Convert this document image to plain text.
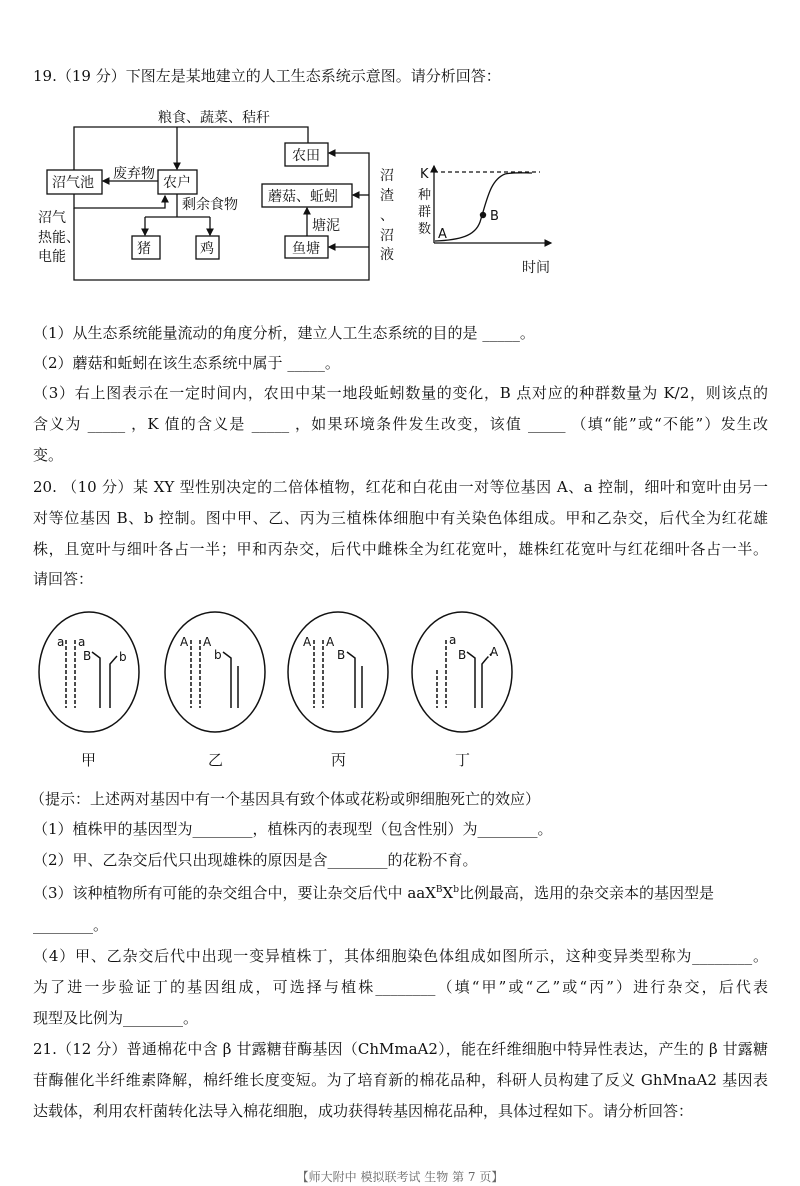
19.（19 分）下图左是某地建立的人工生态系统示意图。请分析回答：
粮食、蔬菜、秸秆
沼气池	农户
农田
废弃物
剩余食物
猪	鸡
蘑菇、蚯蚓
塘泥
鱼塘
沼
渣
、
沼
液
沼气
热能、
电能
K
种
群
数 A
B
时间
（1）从生态系统能量流动的角度分析，建立人工生态系统的目的是 _____。
（2）蘑菇和蚯蚓在该生态系统中属于 _____。
（3）右上图表示在一定时间内，农田中某一地段蚯蚓数量的变化，B 点对应的种群数量为 K/2，则该点的
含义为 _____ ，K 值的含义是 _____ ，如果环境条件发生改变，该值 _____ （填“能”或“不能”）发生改
变。
20. （10 分）某 XY 型性别决定的二倍体植物，红花和白花由一对等位基因 A、a 控制，细叶和宽叶由另一
对等位基因 B、b 控制。图中甲、乙、丙为三植株体细胞中有关染色体组成。甲和乙杂交，后代全为红花雄
株，且宽叶与细叶各占一半；甲和丙杂交，后代中雌株全为红花宽叶，雄株红花宽叶与红花细叶各占一半。
请回答：
a a
B b
A A
b
A A
B
a
B A
甲	乙	丙	丁
（提示：上述两对基因中有一个基因具有致个体或花粉或卵细胞死亡的效应）
（1）植株甲的基因型为________，植株丙的表现型（包含性别）为________。
（2）甲、乙杂交后代只出现雄株的原因是含________的花粉不育。
（3）该种植物所有可能的杂交组合中，要让杂交后代中 $aaX^BX^b$比例最高，选用的杂交亲本的基因型是
________。
（4）甲、乙杂交后代中出现一变异植株丁，其体细胞染色体组成如图所示，这种变异类型称为________。
为了进一步验证丁的基因组成，可选择与植株________（填“甲”或“乙”或“丙”）进行杂交，后代表
现型及比例为________。
21.（12 分）普通棉花中含 β 甘露糖苷酶基因（ChMmaA2），能在纤维细胞中特异性表达，产生的 β 甘露糖
苷酶催化半纤维素降解，棉纤维长度变短。为了培育新的棉花品种，科研人员构建了反义 GhMnaA2 基因表
达载体，利用农杆菌转化法导入棉花细胞，成功获得转基因棉花品种，具体过程如下。请分析回答：
【师大附中 模拟联考试 生物 第 7 页】
